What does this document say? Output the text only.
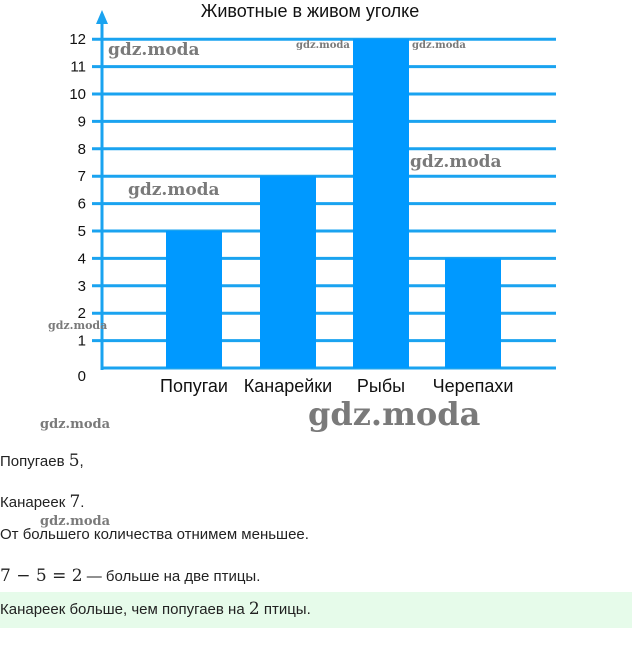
Животные в живом уголке
0
1
2
3
4
5
6
7
8
9
10
11
12
Попугаи Канарейки Рыбы Черепахи
gdz.moda	gdz.moda	gdz.moda
gdz.moda
gdz.moda
gdz.moda
gdz.moda	gdz.moda
Попугаев 5,
Канареек 7.
От большего количества отнимем меньшее.
7 − 5 = 2 — больше на две птицы.
Канареек больше, чем попугаев на 2 птицы.
gdz.moda
